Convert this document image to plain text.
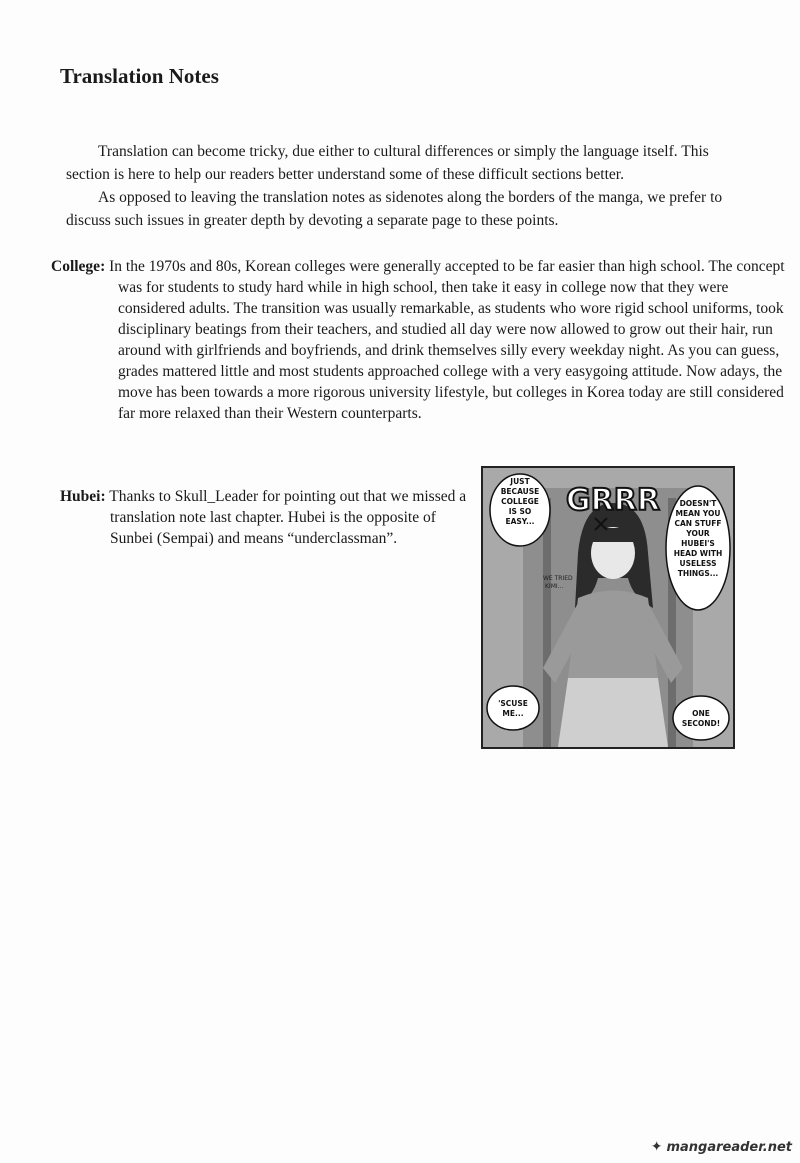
Translation Notes

Translation can become tricky, due either to cultural differences or simply the language itself. This section is here to help our readers better understand some of these difficult sections better.

As opposed to leaving the translation notes as sidenotes along the borders of the manga, we prefer to discuss such issues in greater depth by devoting a separate page to these points.

College: In the 1970s and 80s, Korean colleges were generally accepted to be far easier than high school. The concept was for students to study hard while in high school, then take it easy in college now that they were considered adults. The transition was usually remarkable, as students who wore rigid school uniforms, took disciplinary beatings from their teachers, and studied all day were now allowed to grow out their hair, run around with girlfriends and boyfriends, and drink themselves silly every weekday night. As you can guess, grades mattered little and most students approached college with a very easygoing attitude. Now adays, the move has been towards a more rigorous university lifestyle, but colleges in Korea today are still considered far more relaxed than their Western counterparts.
Hubei: Thanks to Skull_Leader for pointing out that we missed a translation note last chapter. Hubei is the opposite of Sunbei (Sempai) and means “underclassman”.
GRRR
JUST
BECAUSE
COLLEGE
IS SO
EASY...
DOESN'T
MEAN YOU
CAN STUFF
YOUR
HUBEI'S
HEAD WITH
USELESS
THINGS...
'SCUSE
ME...	ONE
SECOND!
WE TRIED
KIMI...
✦ mangareader.net
